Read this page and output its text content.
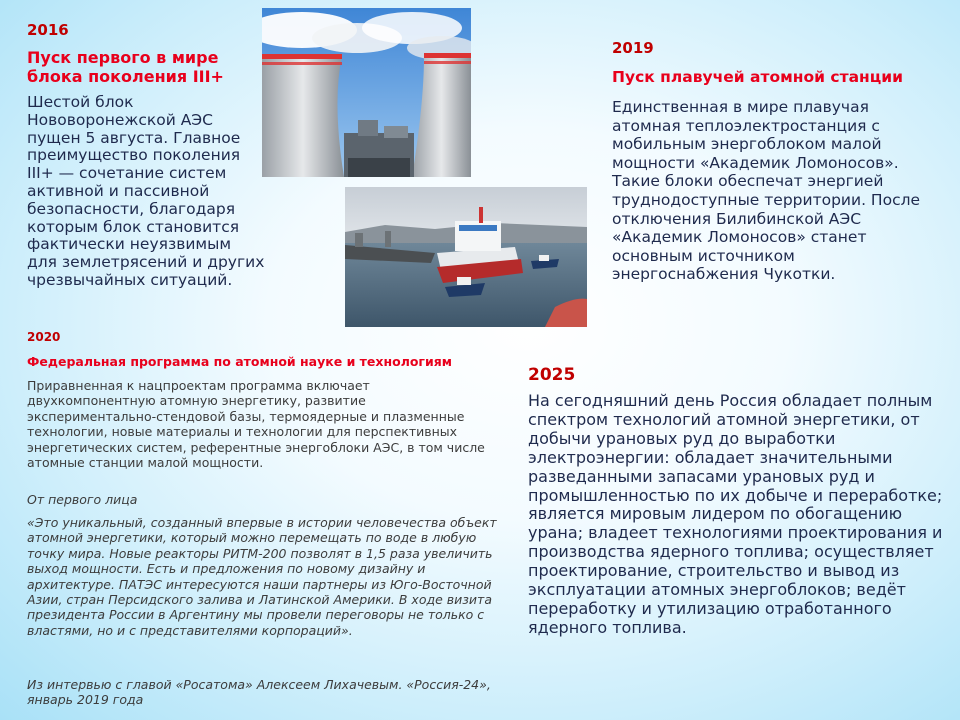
2016
Пуск первого в мире блока поколения III+
Шестой блок Нововоронежской АЭС пущен 5 августа. Главное преимущество поколения III+ — сочетание систем активной и пассивной безопасности, благодаря которым блок становится фактически неуязвимым для землетрясений и других чрезвычайных ситуаций.
2019
Пуск плавучей атомной станции
Единственная в мире плавучая атомная теплоэлектростанция с мобильным энергоблоком малой мощности «Академик Ломоносов». Такие блоки обеспечат энергией труднодоступные территории. После отключения Билибинской АЭС «Академик Ломоносов» станет основным источником энергоснабжения Чукотки.
2020
Федеральная программа по атомной науке и технологиям
Приравненная к нацпроектам программа включает двухкомпонентную атомную энергетику, развитие экспериментально-стендовой базы, термоядерные и плазменные технологии, новые материалы и технологии для перспективных энергетических систем, референтные энергоблоки АЭС, в том числе атомные станции малой мощности.
От первого лица
«Это уникальный, созданный впервые в истории человечества объект атомной энергетики, который можно перемещать по воде в любую точку мира. Новые реакторы РИТМ-200 позволят в 1,5 раза увеличить выход мощности. Есть и предложения по новому дизайну и архитектуре. ПАТЭС интересуются наши партнеры из Юго-Восточной Азии, стран Персидского залива и Латинской Америки. В ходе визита президента России в Аргентину мы провели переговоры не только с властями, но и с представителями корпораций».
Из интервью с главой «Росатома» Алексеем Лихачевым. «Россия-24», январь 2019 года
2025
На сегодняшний день Россия обладает полным спектром технологий атомной энергетики, от добычи урановых руд до выработки электроэнергии: обладает значительными разведанными запасами урановых руд и промышленностью по их добыче и переработке; является мировым лидером по обогащению урана; владеет технологиями проектирования и производства ядерного топлива; осуществляет проектирование, строительство и вывод из эксплуатации атомных энергоблоков; ведёт переработку и утилизацию отработанного ядерного топлива.
